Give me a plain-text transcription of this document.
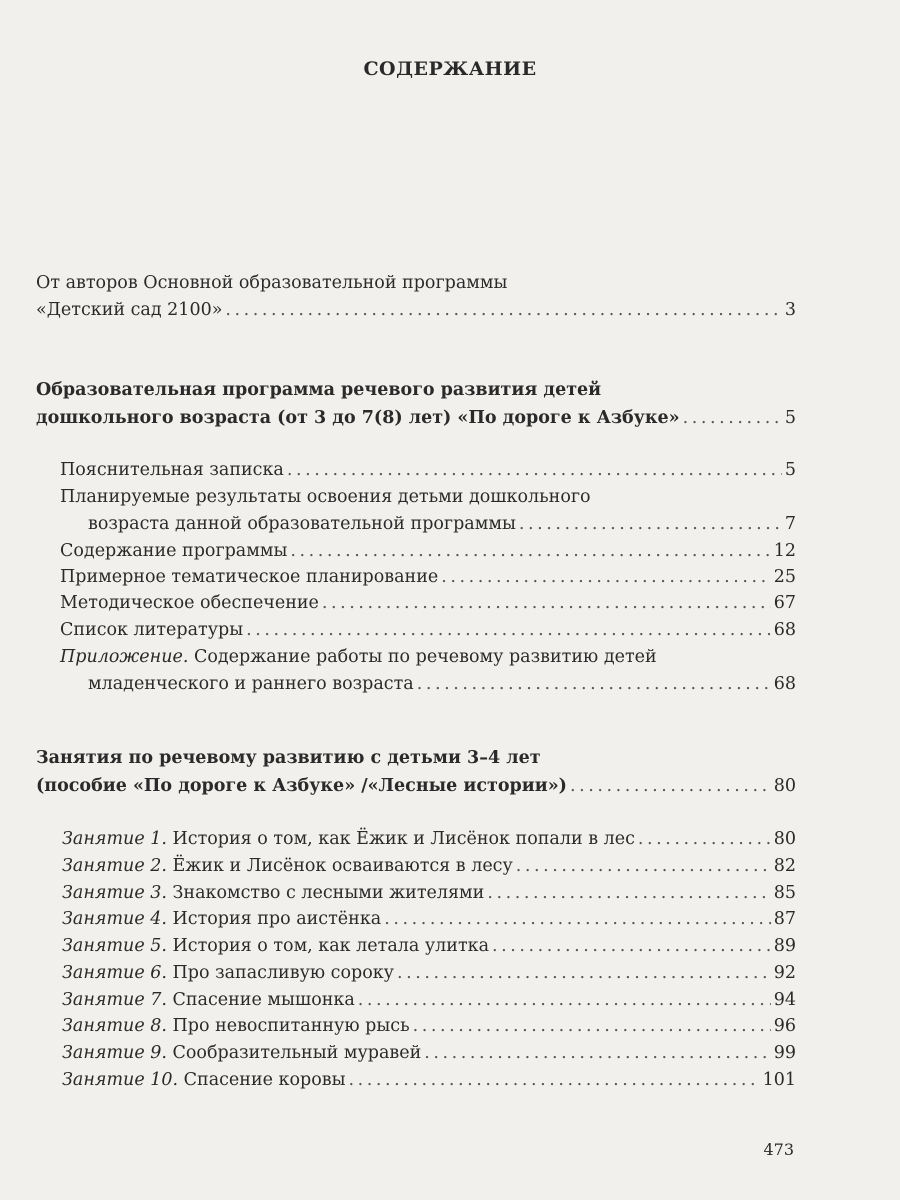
СОДЕРЖАНИЕ
От авторов Основной образовательной программы
«Детский сад 2100» . . .	3
Образовательная программа речевого развития детей
дошкольного возраста (от 3 до 7(8) лет) «По дороге к Азбуке» . . .	5
Пояснительная записка . . .	5
Планируемые результаты освоения детьми дошкольного
возраста данной образовательной программы . . .	7
Содержание программы . . .	12
Примерное тематическое планирование . . .	25
Методическое обеспечение . . .	67
Список литературы . . .	68
Приложение. Содержание работы по речевому развитию детей
младенческого и раннего возраста . . .	68
Занятия по речевому развитию с детьми 3–4 лет
(пособие «По дороге к Азбуке» /«Лесные истории») . . .	80
Занятие 1. История о том, как Ёжик и Лисёнок попали в лес . . .	80
Занятие 2. Ёжик и Лисёнок осваиваются в лесу . . .	82
Занятие 3. Знакомство с лесными жителями . . .	85
Занятие 4. История про аистёнка . . .	87
Занятие 5. История о том, как летала улитка . . .	89
Занятие 6. Про запасливую сороку . . .	92
Занятие 7. Спасение мышонка . . .	94
Занятие 8. Про невоспитанную рысь . . .	96
Занятие 9. Сообразительный муравей . . .	99
Занятие 10. Спасение коровы . . .	101
473
